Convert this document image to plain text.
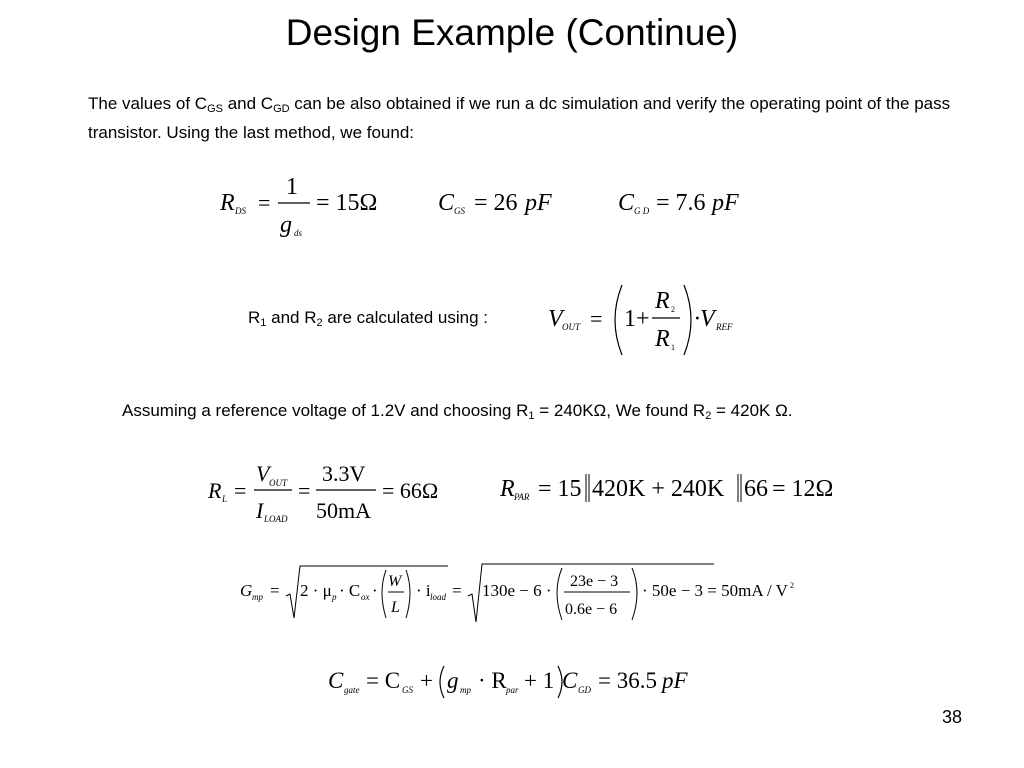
Design Example (Continue)
The values of $C_{GS}$ and $C_{GD}$ can be also obtained if we run a dc simulation and verify the operating point of the pass transistor. Using the last method, we found:
R DS =
1
g ds
= 15Ω	C GS = 26 pF	C G D = 7.6 pF
$R_1$ and $R_2$ are calculated using : V OUT = 1+
R 2
R 1
·V REF
Assuming a reference voltage of 1.2V and choosing $R_1 = 240K\Omega$, We found $R_2 = 420K$ Ω.
R L =
V OUT
I LOAD
=
3.3V
50mA
= 66Ω	R PAR = 15 420K + 240K 66 = 12Ω
G mp = 2 · μ p · C ox · W
L
· i load = 130e − 6 · 23e − 3
0.6e − 6
· 50e − 3 = 50mA / V 2
C gate = C GS + g mp · R par + 1 C GD = 36.5 pF
38
